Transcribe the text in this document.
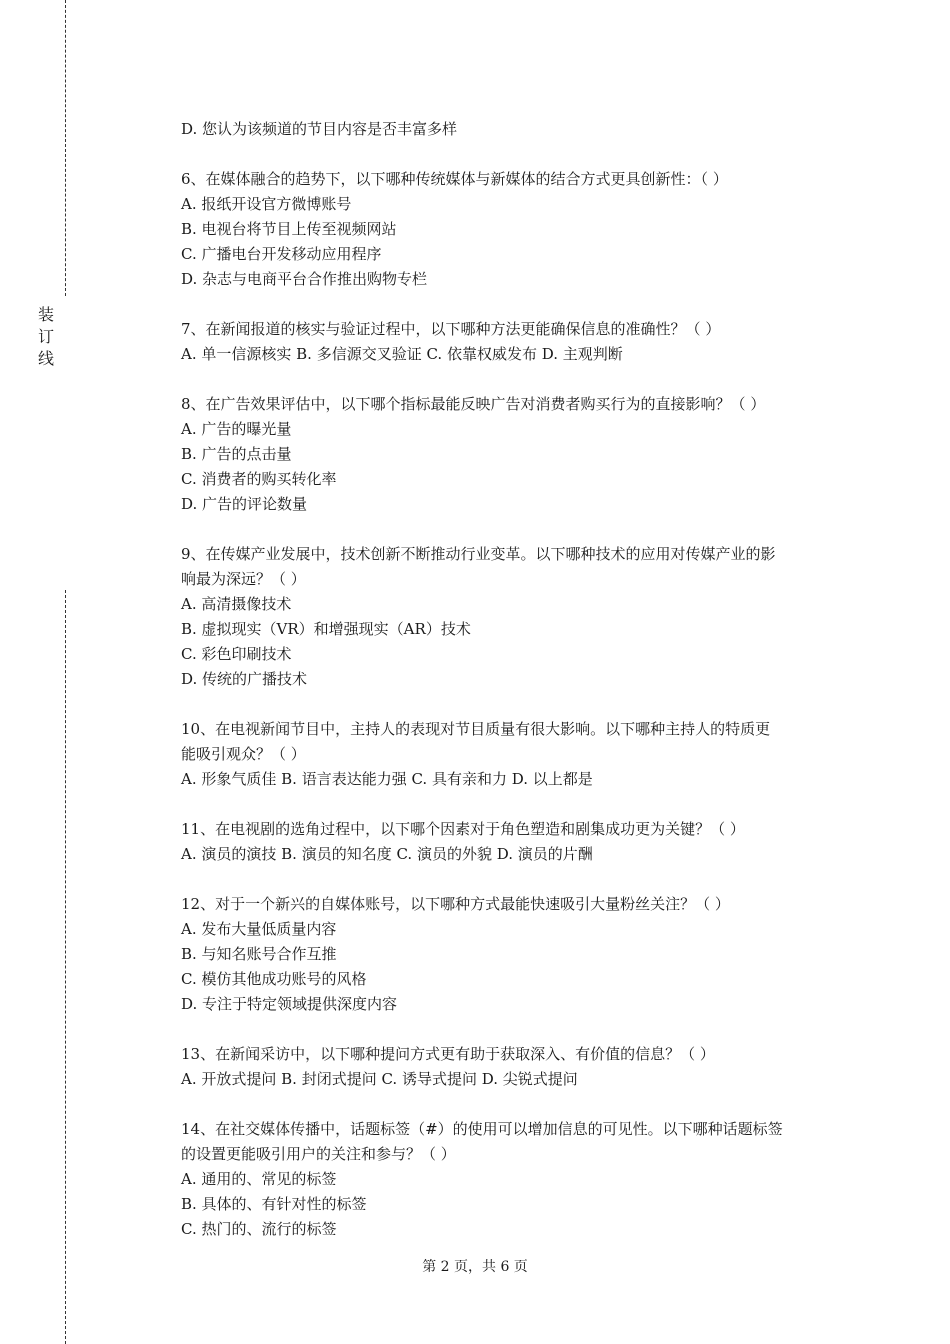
装
订
线
D. 您认为该频道的节目内容是否丰富多样
6、在媒体融合的趋势下，以下哪种传统媒体与新媒体的结合方式更具创新性：（ ）
A. 报纸开设官方微博账号
B. 电视台将节目上传至视频网站
C. 广播电台开发移动应用程序
D. 杂志与电商平台合作推出购物专栏
7、在新闻报道的核实与验证过程中，以下哪种方法更能确保信息的准确性？（ ）
A. 单一信源核实 B. 多信源交叉验证 C. 依靠权威发布 D. 主观判断
8、在广告效果评估中，以下哪个指标最能反映广告对消费者购买行为的直接影响？（ ）
A. 广告的曝光量
B. 广告的点击量
C. 消费者的购买转化率
D. 广告的评论数量
9、在传媒产业发展中，技术创新不断推动行业变革。以下哪种技术的应用对传媒产业的影
响最为深远？（ ）
A. 高清摄像技术
B. 虚拟现实（VR）和增强现实（AR）技术
C. 彩色印刷技术
D. 传统的广播技术
10、在电视新闻节目中，主持人的表现对节目质量有很大影响。以下哪种主持人的特质更
能吸引观众？（ ）
A. 形象气质佳 B. 语言表达能力强 C. 具有亲和力 D. 以上都是
11、在电视剧的选角过程中，以下哪个因素对于角色塑造和剧集成功更为关键？（ ）
A. 演员的演技 B. 演员的知名度 C. 演员的外貌 D. 演员的片酬
12、对于一个新兴的自媒体账号，以下哪种方式最能快速吸引大量粉丝关注？（ ）
A. 发布大量低质量内容
B. 与知名账号合作互推
C. 模仿其他成功账号的风格
D. 专注于特定领域提供深度内容
13、在新闻采访中，以下哪种提问方式更有助于获取深入、有价值的信息？（ ）
A. 开放式提问 B. 封闭式提问 C. 诱导式提问 D. 尖锐式提问
14、在社交媒体传播中，话题标签（#）的使用可以增加信息的可见性。以下哪种话题标签
的设置更能吸引用户的关注和参与？（ ）
A. 通用的、常见的标签
B. 具体的、有针对性的标签
C. 热门的、流行的标签
第 2 页，共 6 页
